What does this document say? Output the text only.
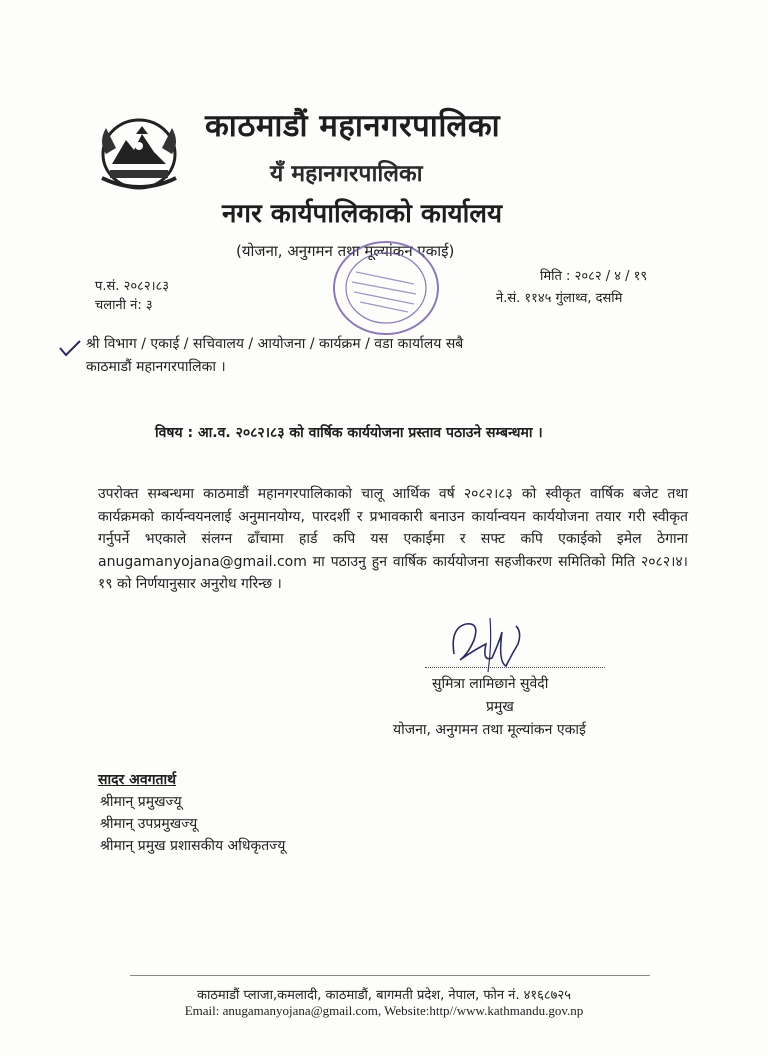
काठमाडौं महानगरपालिका
यँ महानगरपालिका
नगर कार्यपालिकाको कार्यालय
(योजना, अनुगमन तथा मूल्यांकन एकाई)
प.सं. २०८२।८३
चलानी नं: ३
मिति : २०८२ / ४ / १९
ने.सं. ११४५ गुंलाथ्व, दसमि
श्री विभाग / एकाई / सचिवालय / आयोजना / कार्यक्रम / वडा कार्यालय सबै
काठमाडौं महानगरपालिका ।
विषय : आ.व. २०८२।८३ को वार्षिक कार्ययोजना प्रस्ताव पठाउने सम्बन्धमा ।
उपरोक्त सम्बन्धमा काठमाडौं महानगरपालिकाको चालू आर्थिक वर्ष २०८२।८३ को स्वीकृत वार्षिक बजेट तथा कार्यक्रमको कार्यन्वयनलाई अनुमानयोग्य, पारदर्शी र प्रभावकारी बनाउन कार्यान्वयन कार्ययोजना तयार गरी स्वीकृत गर्नुपर्ने भएकाले संलग्न ढाँचामा हार्ड कपि यस एकाईमा र सफ्ट कपि एकाईको इमेल ठेगाना anugamanyojana@gmail.com मा पठाउनु हुन वार्षिक कार्ययोजना सहजीकरण समितिको मिति २०८२।४।१९ को निर्णयानुसार अनुरोध गरिन्छ ।
सुमित्रा लामिछाने सुवेदी
प्रमुख
योजना, अनुगमन तथा मूल्यांकन एकाई
सादर अवगतार्थ
श्रीमान् प्रमुखज्यू
श्रीमान् उपप्रमुखज्यू
श्रीमान् प्रमुख प्रशासकीय अधिकृतज्यू
काठमाडौं प्लाजा,कमलादी, काठमाडौं, बागमती प्रदेश, नेपाल, फोन नं. ४१६८७२५
Email: anugamanyojana@gmail.com, Website:http//www.kathmandu.gov.np
